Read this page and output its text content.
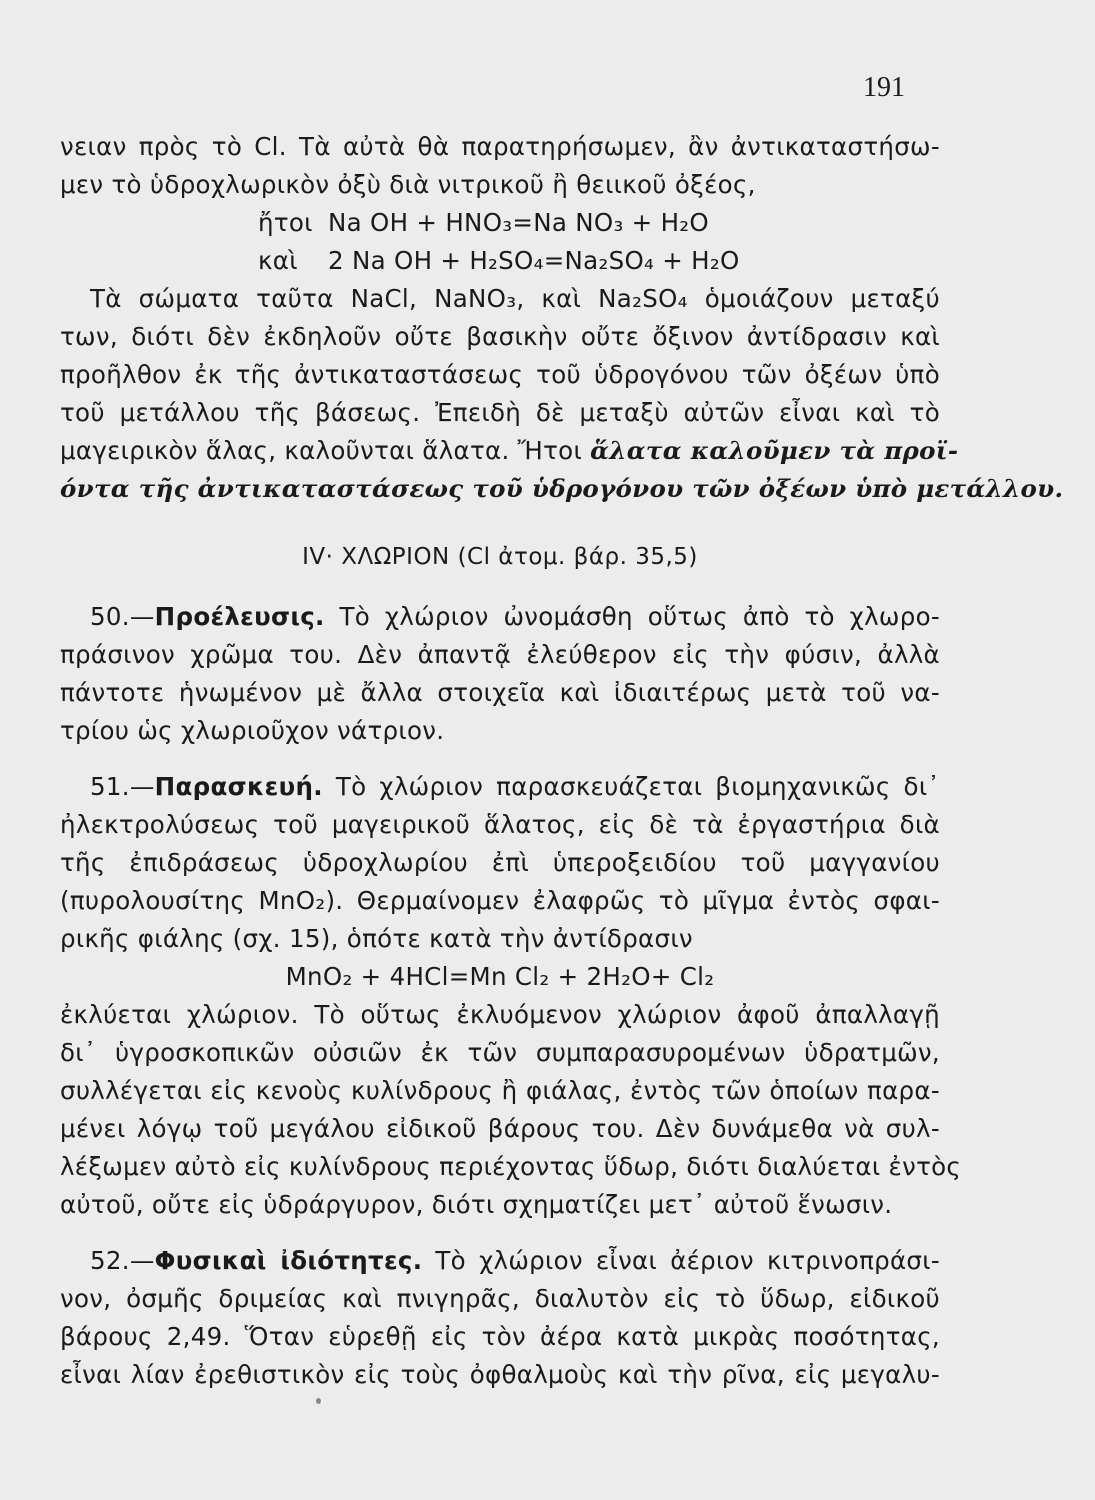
191
νειαν πρὸς τὸ Cl. Τὰ αὐτὰ θὰ παρατηρήσωμεν, ἂν ἀντικαταστήσω-
μεν τὸ ὑδροχλωρικὸν ὀξὺ διὰ νιτρικοῦ ἢ θειικοῦ ὀξέος,
ἤτοι Na OH + HNO₃=Na NO₃ + H₂O
καὶ 2 Na OH + H₂SO₄=Na₂SO₄ + H₂O
Τὰ σώματα ταῦτα NaCl, NaNO₃, καὶ Na₂SO₄ ὁμοιάζουν μεταξύ
των, διότι δὲν ἐκδηλοῦν οὔτε βασικὴν οὔτε ὄξινον ἀντίδρασιν καὶ
προῆλθον ἐκ τῆς ἀντικαταστάσεως τοῦ ὑδρογόνου τῶν ὀξέων ὑπὸ
τοῦ μετάλλου τῆς βάσεως. Ἐπειδὴ δὲ μεταξὺ αὐτῶν εἶναι καὶ τὸ
μαγειρικὸν ἅλας, καλοῦνται ἅλατα. Ἤτοι ἅλατα καλοῦμεν τὰ προϊ-
όντα τῆς ἀντικαταστάσεως τοῦ ὑδρογόνου τῶν ὀξέων ὑπὸ μετάλλου.
IV· ΧΛΩΡΙΟΝ (Cl ἀτομ. βάρ. 35,5)
50.—Προέλευσις. Τὸ χλώριον ὠνομάσθη οὕτως ἀπὸ τὸ χλωρο-
πράσινον χρῶμα του. Δὲν ἀπαντᾷ ἐλεύθερον εἰς τὴν φύσιν, ἀλλὰ
πάντοτε ἡνωμένον μὲ ἄλλα στοιχεῖα καὶ ἰδιαιτέρως μετὰ τοῦ να-
τρίου ὡς χλωριοῦχον νάτριον.
51.—Παρασκευή. Τὸ χλώριον παρασκευάζεται βιομηχανικῶς δι᾽
ἠλεκτρολύσεως τοῦ μαγειρικοῦ ἅλατος, εἰς δὲ τὰ ἐργαστήρια διὰ
τῆς ἐπιδράσεως ὑδροχλωρίου ἐπὶ ὑπεροξειδίου τοῦ μαγγανίου
(πυρολουσίτης MnO₂). Θερμαίνομεν ἐλαφρῶς τὸ μῖγμα ἐντὸς σφαι-
ρικῆς φιάλης (σχ. 15), ὁπότε κατὰ τὴν ἀντίδρασιν
MnO₂ + 4HCl=Mn Cl₂ + 2H₂O+ Cl₂
ἐκλύεται χλώριον. Τὸ οὕτως ἐκλυόμενον χλώριον ἀφοῦ ἀπαλλαγῇ
δι᾽ ὑγροσκοπικῶν οὐσιῶν ἐκ τῶν συμπαρασυρομένων ὑδρατμῶν,
συλλέγεται εἰς κενοὺς κυλίνδρους ἢ φιάλας, ἐντὸς τῶν ὁποίων παρα-
μένει λόγῳ τοῦ μεγάλου εἰδικοῦ βάρους του. Δὲν δυνάμεθα νὰ συλ-
λέξωμεν αὐτὸ εἰς κυλίνδρους περιέχοντας ὕδωρ, διότι διαλύεται ἐντὸς
αὐτοῦ, οὔτε εἰς ὑδράργυρον, διότι σχηματίζει μετ᾽ αὐτοῦ ἕνωσιν.
52.—Φυσικαὶ ἰδιότητες. Τὸ χλώριον εἶναι ἀέριον κιτρινοπράσι-
νον, ὀσμῆς δριμείας καὶ πνιγηρᾶς, διαλυτὸν εἰς τὸ ὕδωρ, εἰδικοῦ
βάρους 2,49. Ὅταν εὑρεθῇ εἰς τὸν ἀέρα κατὰ μικρὰς ποσότητας,
εἶναι λίαν ἐρεθιστικὸν εἰς τοὺς ὀφθαλμοὺς καὶ τὴν ρῖνα, εἰς μεγαλυ-
